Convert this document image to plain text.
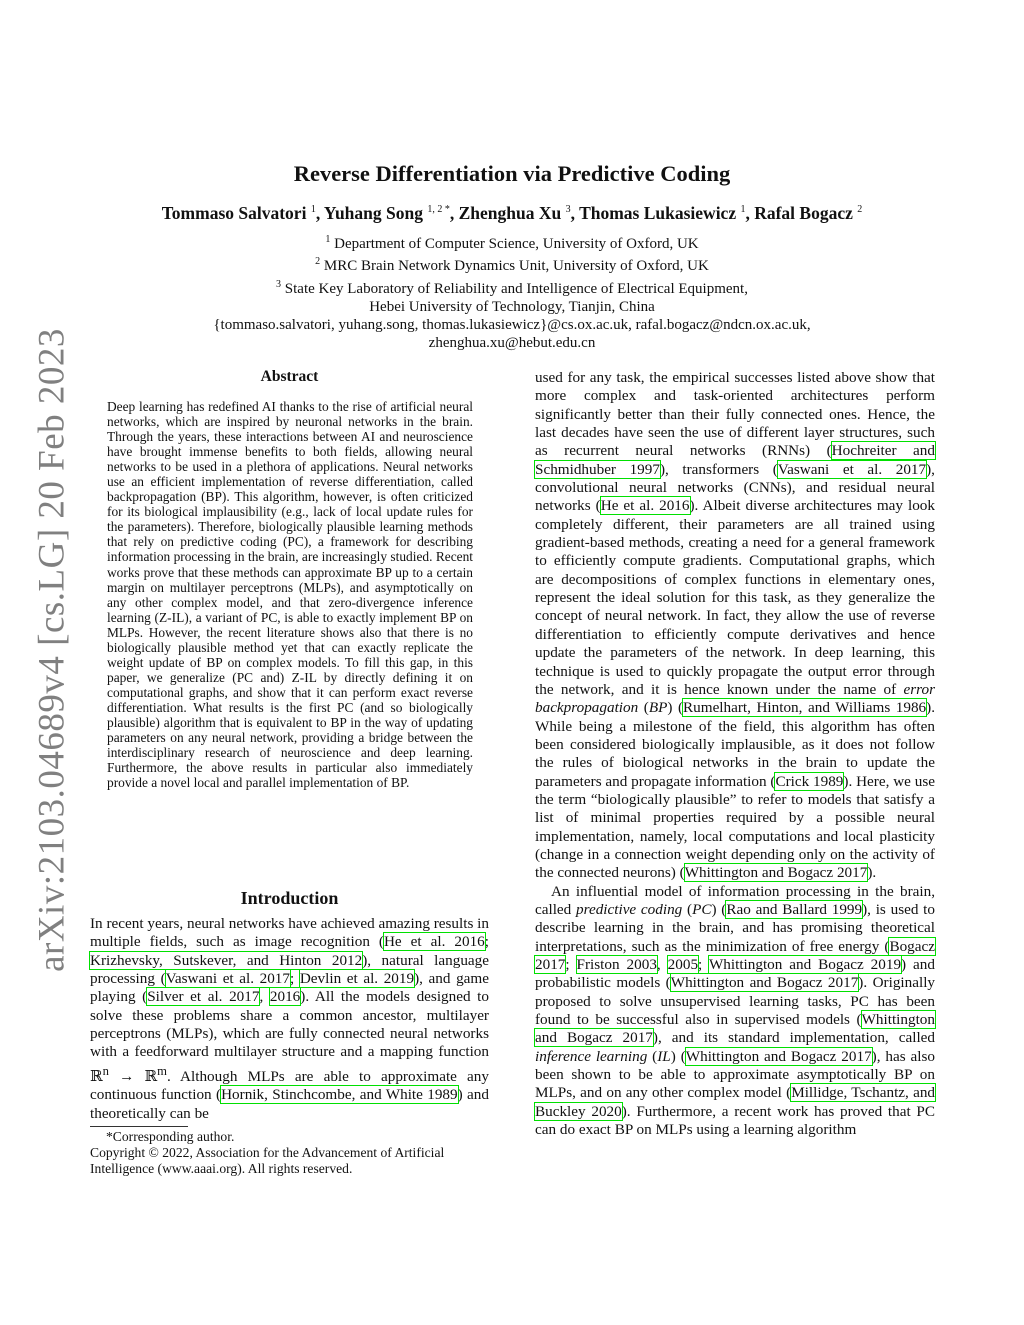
arXiv:2103.04689v4 [cs.LG] 20 Feb 2023
Reverse Differentiation via Predictive Coding
Tommaso Salvatori $^1$, Yuhang Song $^{1, 2 *}$, Zhenghua Xu $^3$, Thomas Lukasiewicz $^1$, Rafal Bogacz $^2$
$^1$ Department of Computer Science, University of Oxford, UK
$^2$ MRC Brain Network Dynamics Unit, University of Oxford, UK
$^3$ State Key Laboratory of Reliability and Intelligence of Electrical Equipment,
Hebei University of Technology, Tianjin, China
{tommaso.salvatori, yuhang.song, thomas.lukasiewicz}@cs.ox.ac.uk, rafal.bogacz@ndcn.ox.ac.uk,
zhenghua.xu@hebut.edu.cn
Abstract
Deep learning has redefined AI thanks to the rise of artificial neural networks, which are inspired by neuronal networks in the brain. Through the years, these interactions between AI and neuroscience have brought immense benefits to both fields, allowing neural networks to be used in a plethora of applications. Neural networks use an efficient implementation of reverse differentiation, called backpropagation (BP). This algorithm, however, is often criticized for its biological implausibility (e.g., lack of local update rules for the parameters). Therefore, biologically plausible learning methods that rely on predictive coding (PC), a framework for describing information processing in the brain, are increasingly studied. Recent works prove that these methods can approximate BP up to a certain margin on multilayer perceptrons (MLPs), and asymptotically on any other complex model, and that zero-divergence inference learning (Z-IL), a variant of PC, is able to exactly implement BP on MLPs. However, the recent literature shows also that there is no biologically plausible method yet that can exactly replicate the weight update of BP on complex models. To fill this gap, in this paper, we generalize (PC and) Z-IL by directly defining it on computational graphs, and show that it can perform exact reverse differentiation. What results is the first PC (and so biologically plausible) algorithm that is equivalent to BP in the way of updating parameters on any neural network, providing a bridge between the interdisciplinary research of neuroscience and deep learning. Furthermore, the above results in particular also immediately provide a novel local and parallel implementation of BP.
Introduction

In recent years, neural networks have achieved amazing results in multiple fields, such as image recognition (He et al. 2016; Krizhevsky, Sutskever, and Hinton 2012), natural language processing (Vaswani et al. 2017; Devlin et al. 2019), and game playing (Silver et al. 2017, 2016). All the models designed to solve these problems share a common ancestor, multilayer perceptrons (MLPs), which are fully connected neural networks with a feedforward multilayer structure and a mapping function ℝ$^n$ → ℝ$^m$. Although MLPs are able to approximate any continuous function (Hornik, Stinchcombe, and White 1989) and theoretically can be

*Corresponding author.
Copyright © 2022, Association for the Advancement of Artificial Intelligence (www.aaai.org). All rights reserved.

used for any task, the empirical successes listed above show that more complex and task-oriented architectures perform significantly better than their fully connected ones. Hence, the last decades have seen the use of different layer structures, such as recurrent neural networks (RNNs) (Hochreiter and Schmidhuber 1997), transformers (Vaswani et al. 2017), convolutional neural networks (CNNs), and residual neural networks (He et al. 2016). Albeit diverse architectures may look completely different, their parameters are all trained using gradient-based methods, creating a need for a general framework to efficiently compute gradients. Computational graphs, which are decompositions of complex functions in elementary ones, represent the ideal solution for this task, as they generalize the concept of neural network. In fact, they allow the use of reverse differentiation to efficiently compute derivatives and hence update the parameters of the network. In deep learning, this technique is used to quickly propagate the output error through the network, and it is hence known under the name of error backpropagation (BP) (Rumelhart, Hinton, and Williams 1986). While being a milestone of the field, this algorithm has often been considered biologically implausible, as it does not follow the rules of biological networks in the brain to update the parameters and propagate information (Crick 1989). Here, we use the term “biologically plausible” to refer to models that satisfy a list of minimal properties required by a possible neural implementation, namely, local computations and local plasticity (change in a connection weight depending only on the activity of the connected neurons) (Whittington and Bogacz 2017).

An influential model of information processing in the brain, called predictive coding (PC) (Rao and Ballard 1999), is used to describe learning in the brain, and has promising theoretical interpretations, such as the minimization of free energy (Bogacz 2017; Friston 2003, 2005; Whittington and Bogacz 2019) and probabilistic models (Whittington and Bogacz 2017). Originally proposed to solve unsupervised learning tasks, PC has been found to be successful also in supervised models (Whittington and Bogacz 2017), and its standard implementation, called inference learning (IL) (Whittington and Bogacz 2017), has also been shown to be able to approximate asymptotically BP on MLPs, and on any other complex model (Millidge, Tschantz, and Buckley 2020). Furthermore, a recent work has proved that PC can do exact BP on MLPs using a learning algorithm
